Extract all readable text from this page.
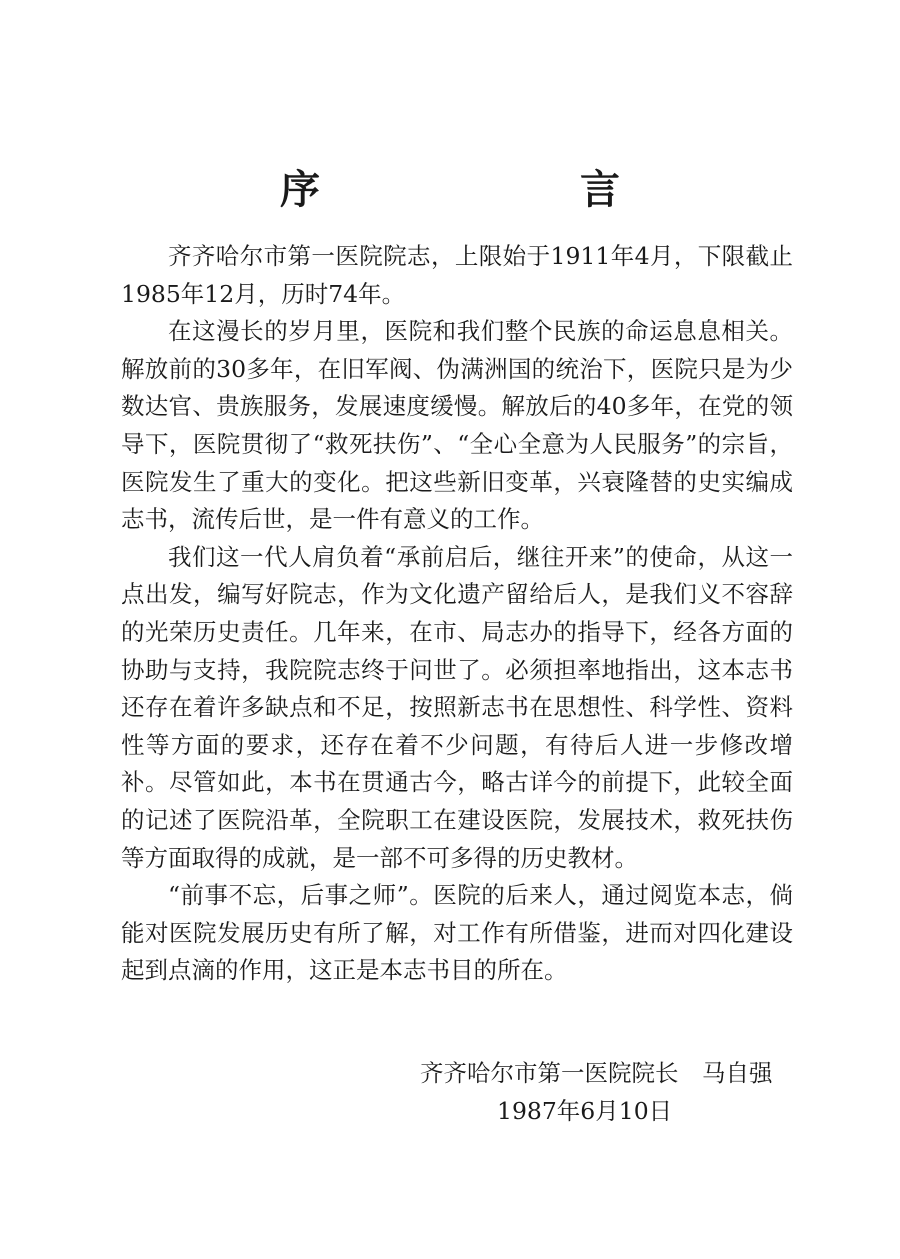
序　言

齐齐哈尔市第一医院院志，上限始于1911年4月，下限截止1985年12月，历时74年。

在这漫长的岁月里，医院和我们整个民族的命运息息相关。解放前的30多年，在旧军阀、伪满洲国的统治下，医院只是为少数达官、贵族服务，发展速度缓慢。解放后的40多年，在党的领导下，医院贯彻了“救死扶伤”、“全心全意为人民服务”的宗旨，医院发生了重大的变化。把这些新旧变革，兴衰隆替的史实编成志书，流传后世，是一件有意义的工作。

我们这一代人肩负着“承前启后，继往开来”的使命，从这一点出发，编写好院志，作为文化遗产留给后人，是我们义不容辞的光荣历史责任。几年来，在市、局志办的指导下，经各方面的协助与支持，我院院志终于问世了。必须担率地指出，这本志书还存在着许多缺点和不足，按照新志书在思想性、科学性、资料性等方面的要求，还存在着不少问题，有待后人进一步修改增补。尽管如此，本书在贯通古今，略古详今的前提下，此较全面的记述了医院沿革，全院职工在建设医院，发展技术，救死扶伤等方面取得的成就，是一部不可多得的历史教材。

“前事不忘，后事之师”。医院的后来人，通过阅览本志，倘能对医院发展历史有所了解，对工作有所借鉴，进而对四化建设起到点滴的作用，这正是本志书目的所在。

齐齐哈尔市第一医院院长　马自强
1987年6月10日
